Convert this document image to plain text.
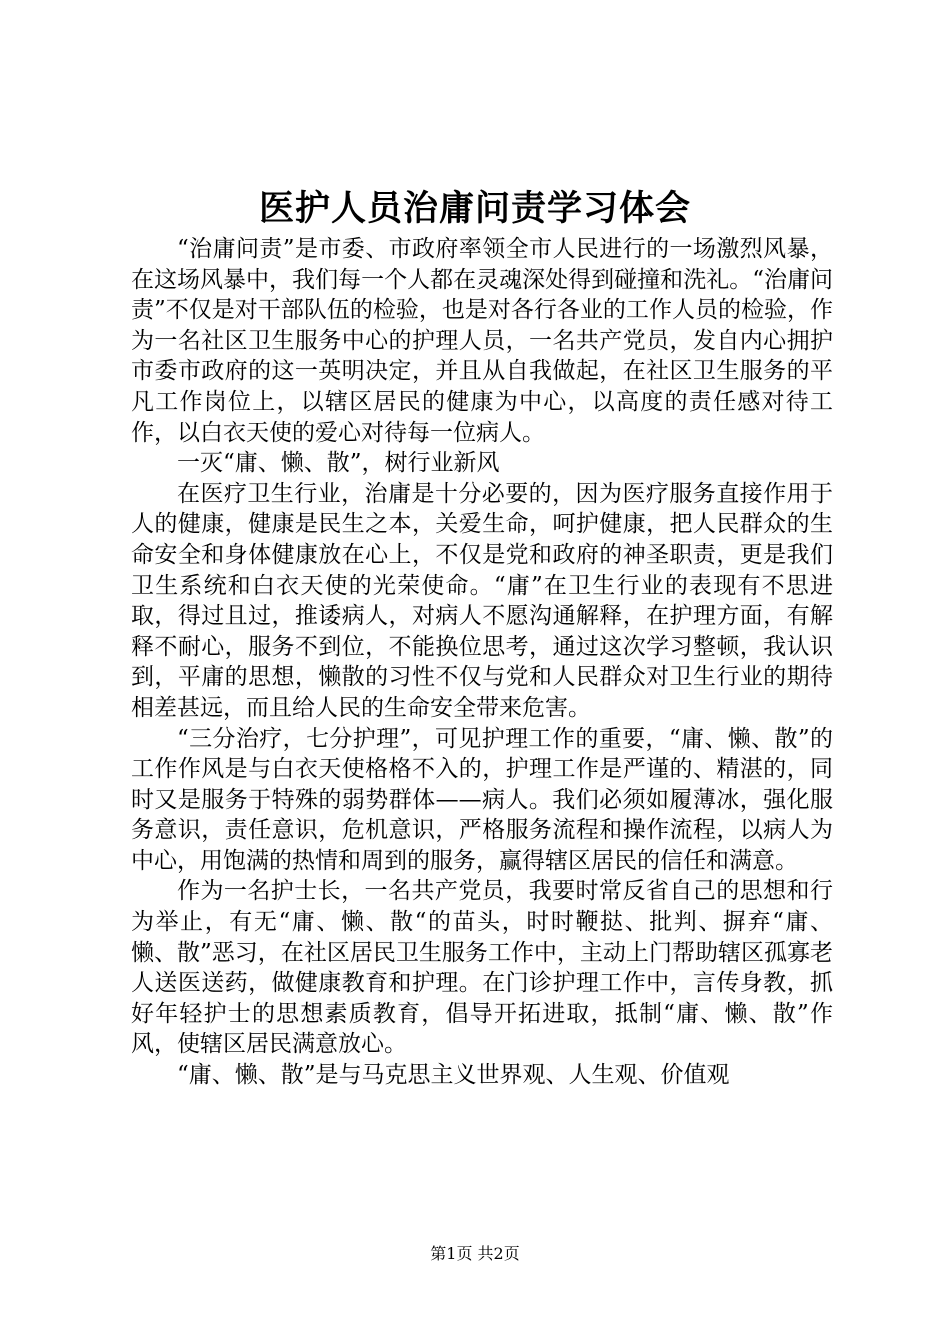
医护人员治庸问责学习体会

“治庸问责”是市委、市政府率领全市人民进行的一场激烈风暴，在这场风暴中，我们每一个人都在灵魂深处得到碰撞和洗礼。“治庸问责”不仅是对干部队伍的检验，也是对各行各业的工作人员的检验，作为一名社区卫生服务中心的护理人员，一名共产党员，发自内心拥护市委市政府的这一英明决定，并且从自我做起，在社区卫生服务的平凡工作岗位上，以辖区居民的健康为中心，以高度的责任感对待工作，以白衣天使的爱心对待每一位病人。

一灭“庸、懒、散”，树行业新风

在医疗卫生行业，治庸是十分必要的，因为医疗服务直接作用于人的健康，健康是民生之本，关爱生命，呵护健康，把人民群众的生命安全和身体健康放在心上，不仅是党和政府的神圣职责，更是我们卫生系统和白衣天使的光荣使命。“庸”在卫生行业的表现有不思进取，得过且过，推诿病人，对病人不愿沟通解释，在护理方面，有解释不耐心，服务不到位，不能换位思考，通过这次学习整顿，我认识到，平庸的思想，懒散的习性不仅与党和人民群众对卫生行业的期待相差甚远，而且给人民的生命安全带来危害。

“三分治疗，七分护理”，可见护理工作的重要，“庸、懒、散”的工作作风是与白衣天使格格不入的，护理工作是严谨的、精湛的，同时又是服务于特殊的弱势群体——病人。我们必须如履薄冰，强化服务意识，责任意识，危机意识，严格服务流程和操作流程，以病人为中心，用饱满的热情和周到的服务，赢得辖区居民的信任和满意。

作为一名护士长，一名共产党员，我要时常反省自己的思想和行为举止，有无“庸、懒、散“的苗头，时时鞭挞、批判、摒弃“庸、懒、散”恶习，在社区居民卫生服务工作中，主动上门帮助辖区孤寡老人送医送药，做健康教育和护理。在门诊护理工作中，言传身教，抓好年轻护士的思想素质教育，倡导开拓进取，抵制“庸、懒、散”作风，使辖区居民满意放心。

“庸、懒、散”是与马克思主义世界观、人生观、价值观

第1页 共2页
